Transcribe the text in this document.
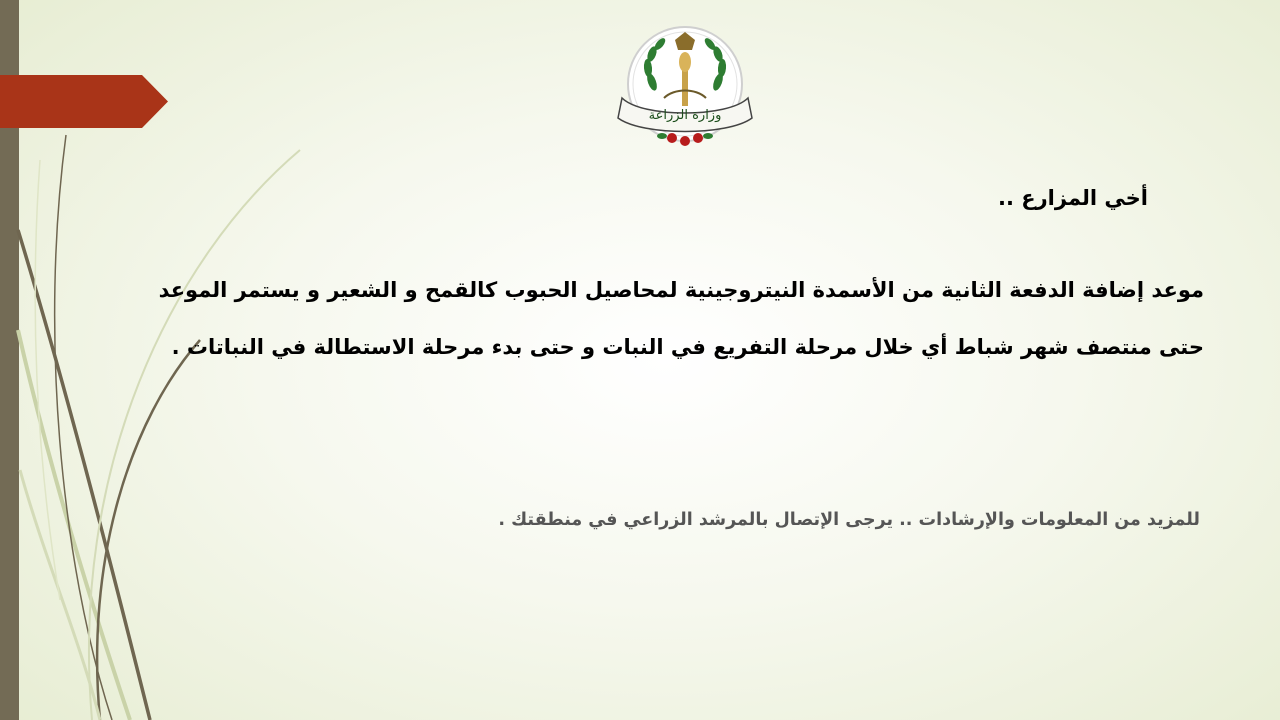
وزارة الزراعة

أخي المزارع ..

موعد إضافة الدفعة الثانية من الأسمدة النيتروجينية لمحاصيل الحبوب كالقمح و الشعير و يستمر الموعد حتى منتصف شهر شباط أي خلال مرحلة التفريع في النبات و حتى بدء مرحلة الاستطالة في النباتات .

للمزيد من المعلومات والإرشادات .. يرجى الإتصال بالمرشد الزراعي في منطقتك .
